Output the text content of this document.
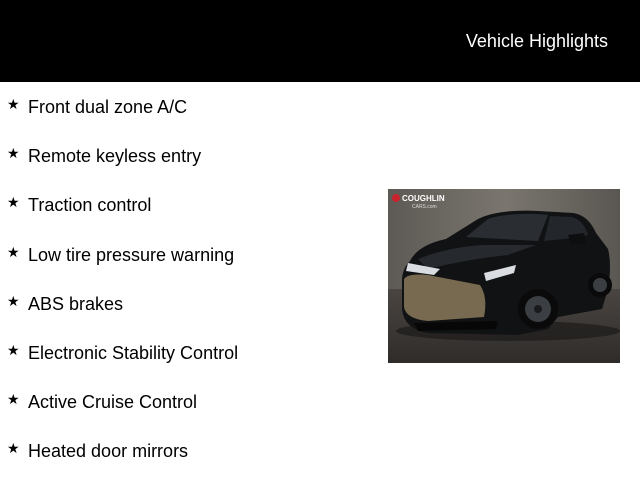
Vehicle Highlights
★ Front dual zone A/C
★ Remote keyless entry
★ Traction control
★ Low tire pressure warning
★ ABS brakes
★ Electronic Stability Control
★ Active Cruise Control
★ Heated door mirrors
COUGHLIN
CARS.com
